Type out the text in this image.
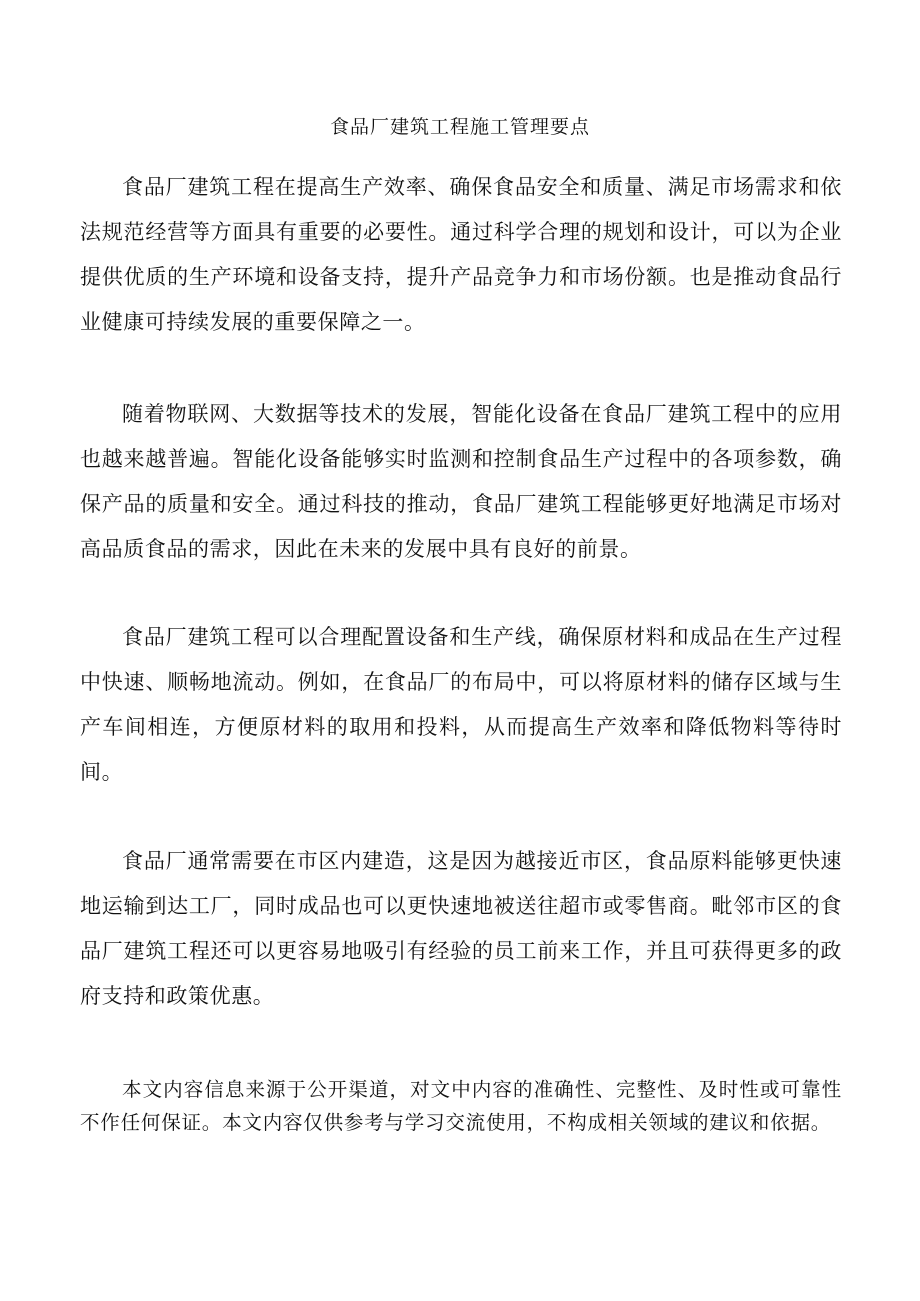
食品厂建筑工程施工管理要点

食品厂建筑工程在提高生产效率、确保食品安全和质量、满足市场需求和依法规范经营等方面具有重要的必要性。通过科学合理的规划和设计，可以为企业提供优质的生产环境和设备支持，提升产品竞争力和市场份额。也是推动食品行业健康可持续发展的重要保障之一。

随着物联网、大数据等技术的发展，智能化设备在食品厂建筑工程中的应用也越来越普遍。智能化设备能够实时监测和控制食品生产过程中的各项参数，确保产品的质量和安全。通过科技的推动，食品厂建筑工程能够更好地满足市场对高品质食品的需求，因此在未来的发展中具有良好的前景。

食品厂建筑工程可以合理配置设备和生产线，确保原材料和成品在生产过程中快速、顺畅地流动。例如，在食品厂的布局中，可以将原材料的储存区域与生产车间相连，方便原材料的取用和投料，从而提高生产效率和降低物料等待时间。

食品厂通常需要在市区内建造，这是因为越接近市区，食品原料能够更快速地运输到达工厂，同时成品也可以更快速地被送往超市或零售商。毗邻市区的食品厂建筑工程还可以更容易地吸引有经验的员工前来工作，并且可获得更多的政府支持和政策优惠。

本文内容信息来源于公开渠道，对文中内容的准确性、完整性、及时性或可靠性不作任何保证。本文内容仅供参考与学习交流使用，不构成相关领域的建议和依据。
